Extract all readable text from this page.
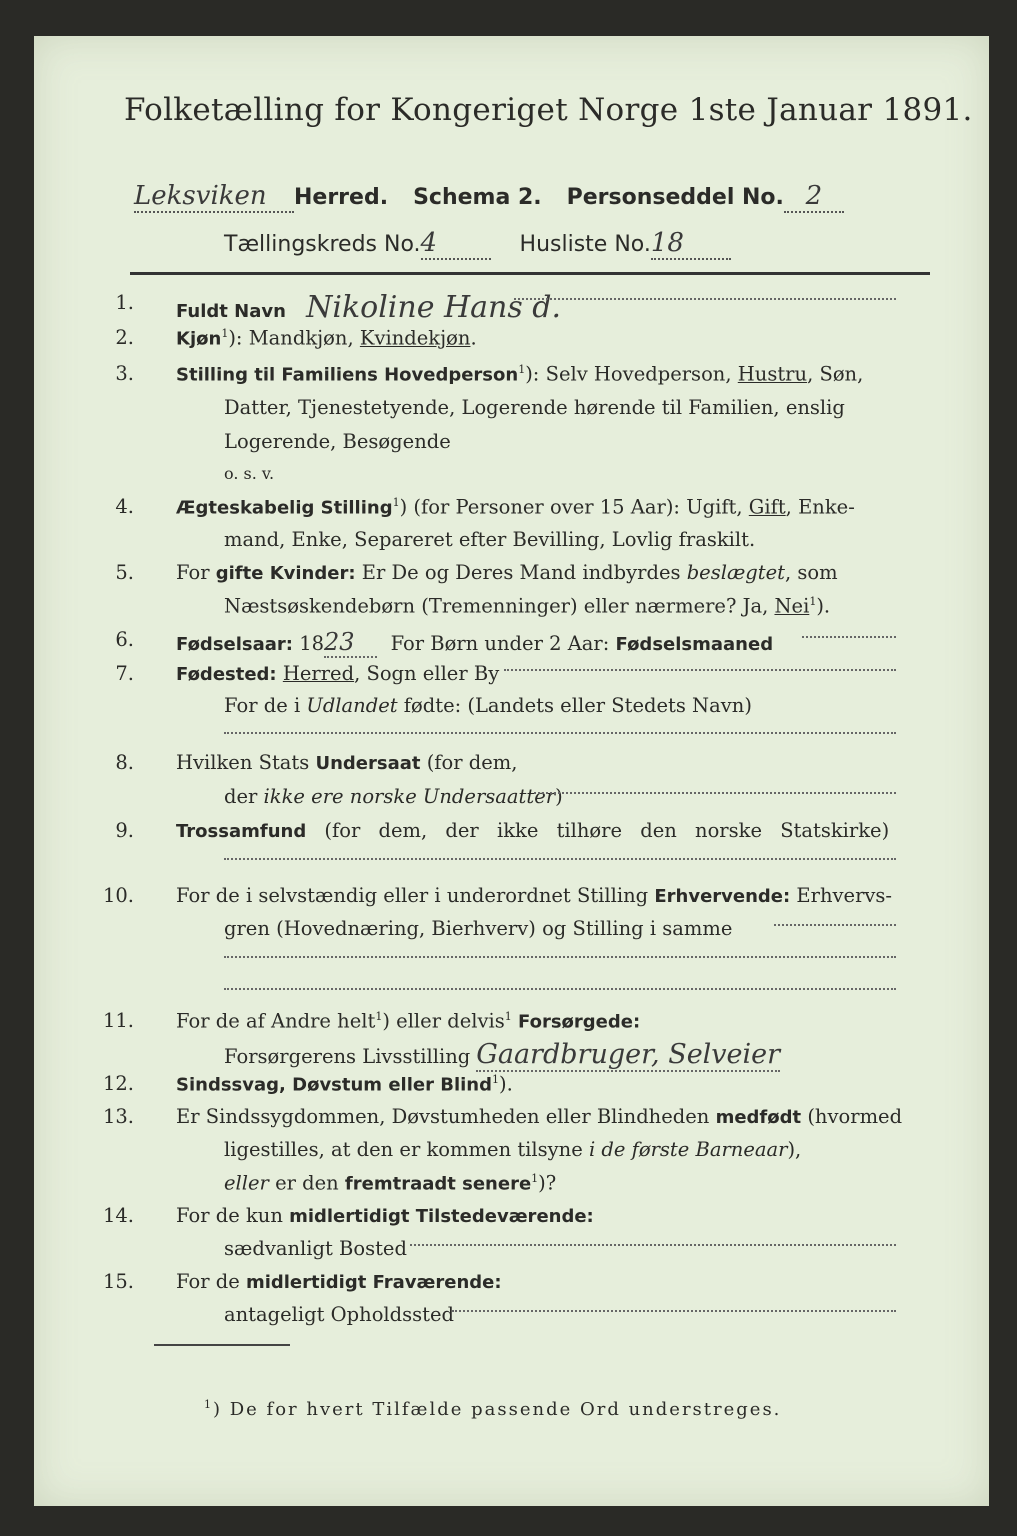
Folketælling for Kongeriget Norge 1ste Januar 1891.
Leksviken Herred. Schema 2. Personseddel No. 2
Tællingskreds No.4	Husliste No.18
1. Fuldt Navn Nikoline Hans d.
2. Kjøn$^1$): Mandkjøn, Kvindekjøn.
3. Stilling til Familiens Hovedperson$^1$): Selv Hovedperson, Hustru, Søn,
Datter, Tjenestetyende, Logerende hørende til Familien, enslig
Logerende, Besøgende
o. s. v.
4. Ægteskabelig Stilling$^1$) (for Personer over 15 Aar): Ugift, Gift, Enke-
mand, Enke, Separeret efter Bevilling, Lovlig fraskilt.
5. For gifte Kvinder: Er De og Deres Mand indbyrdes beslægtet, som
Næstsøskendebørn (Tremenninger) eller nærmere? Ja, Nei$^1$).
6. Fødselsaar: 1823 For Børn under 2 Aar: Fødselsmaaned
7. Fødested: Herred, Sogn eller By
For de i Udlandet fødte: (Landets eller Stedets Navn)
8. Hvilken Stats Undersaat (for dem,
der ikke ere norske Undersaatter)
9. Trossamfund (for dem, der ikke tilhøre den norske Statskirke)
10. For de i selvstændig eller i underordnet Stilling Erhvervende: Erhvervs-
gren (Hovednæring, Bierhverv) og Stilling i samme
11. For de af Andre helt$^1$) eller delvis$^1$ Forsørgede:
Forsørgerens Livsstilling Gaardbruger, Selveier
12. Sindssvag, Døvstum eller Blind$^1$).
13. Er Sindssygdommen, Døvstumheden eller Blindheden medfødt (hvormed
ligestilles, at den er kommen tilsyne i de første Barneaar),
eller er den fremtraadt senere$^1$)?
14. For de kun midlertidigt Tilstedeværende:
sædvanligt Bosted
15. For de midlertidigt Fraværende:
antageligt Opholdssted
$^1$) De for hvert Tilfælde passende Ord understreges.
